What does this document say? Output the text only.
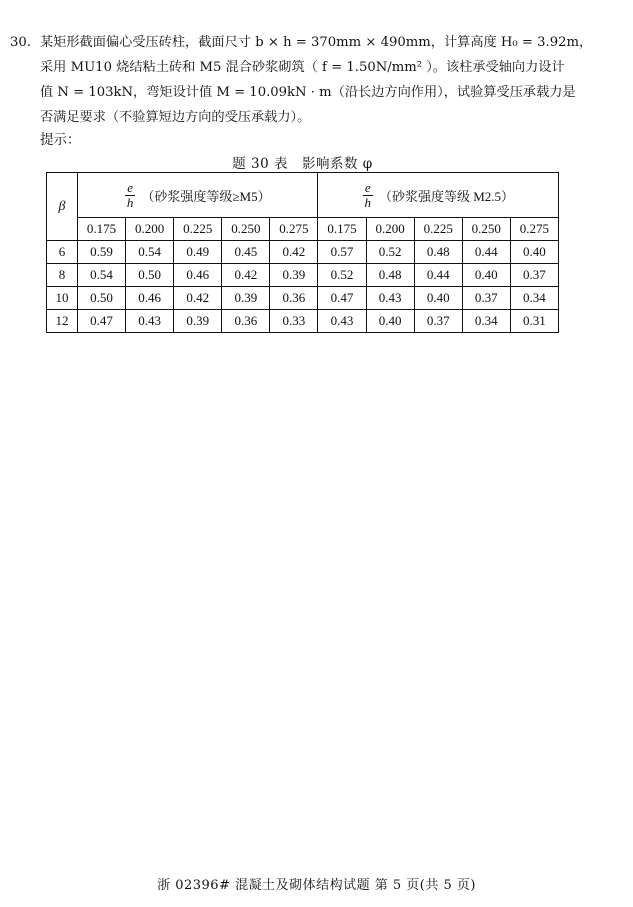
30. 某矩形截面偏心受压砖柱，截面尺寸 b × h = 370mm × 490mm，计算高度 H₀ = 3.92m，
采用 MU10 烧结粘土砖和 M5 混合砂浆砌筑（ f = 1.50N/mm² ）。该柱承受轴向力设计
值 N = 103kN，弯矩设计值 M = 10.09kN · m（沿长边方向作用），试验算受压承载力是
否满足要求（不验算短边方向的受压承载力）。
提示：
题 30 表　影响系数 φ
β	$\frac{e}{h}$ （砂浆强度等级≥M5）					$\frac{e}{h}$ （砂浆强度等级 M2.5）				

	0.175	0.200	0.225	0.250	0.275	0.175	0.200	0.225	0.250	0.275
6	0.59	0.54	0.49	0.45	0.42	0.57	0.52	0.48	0.44	0.40
8	0.54	0.50	0.46	0.42	0.39	0.52	0.48	0.44	0.40	0.37
10	0.50	0.46	0.42	0.39	0.36	0.47	0.43	0.40	0.37	0.34
12	0.47	0.43	0.39	0.36	0.33	0.43	0.40	0.37	0.34	0.31
浙 02396# 混凝土及砌体结构试题 第 5 页(共 5 页)
